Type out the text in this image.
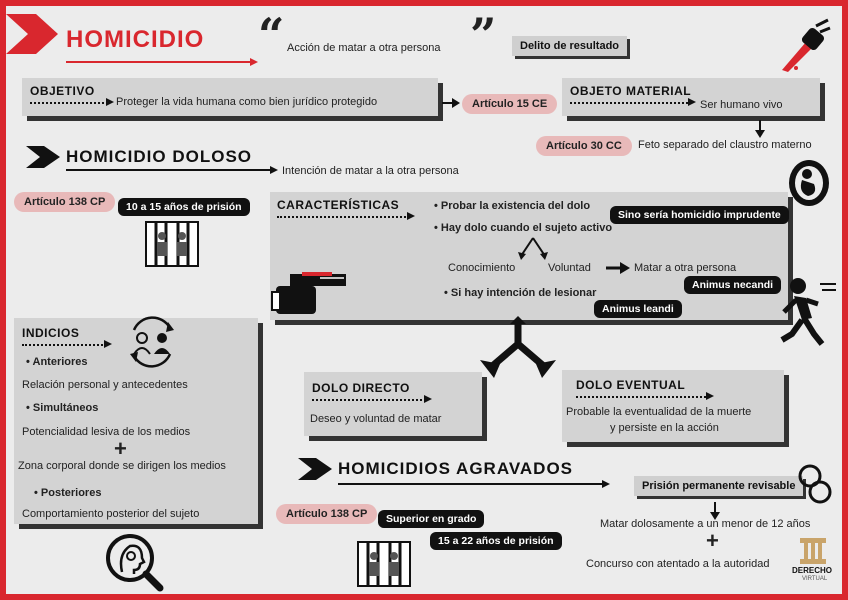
HOMICIDIO “ Acción de matar a otra persona ”	Delito de resultado
OBJETIVO
Proteger la vida humana como bien jurídico protegido	Artículo 15 CE
OBJETO MATERIAL
Ser humano vivo
Artículo 30 CC	Feto separado del claustro materno
HOMICIDIO DOLOSO
Intención de matar a la otra persona
Artículo 138 CP	10 a 15 años de prisión	CARACTERÍSTICAS
•	Probar la existencia del dolo
Sino sería homicidio imprudente
• Hay dolo cuando el sujeto activo
Conocimiento	Voluntad	Matar a otra persona
Animus necandi
• Si hay intención de lesionar
Animus leandi
INDICIOS
• Anteriores
Relación personal y antecedentes
• Simultáneos
Potencialidad lesiva de los medios
+
Zona corporal donde se dirigen los medios
• Posteriores
Comportamiento posterior del sujeto
DOLO DIRECTO
Deseo y voluntad de matar
DOLO EVENTUAL
Probable la eventualidad de la muerte
y persiste en la acción
HOMICIDIOS AGRAVADOS
Artículo 138 CP	Superior en grado
15 a 22 años de prisión
Prisión permanente revisable
Matar dolosamente a un menor de 12 años
+
Concurso con atentado a la autoridad
DERECHO
VIRTUAL
